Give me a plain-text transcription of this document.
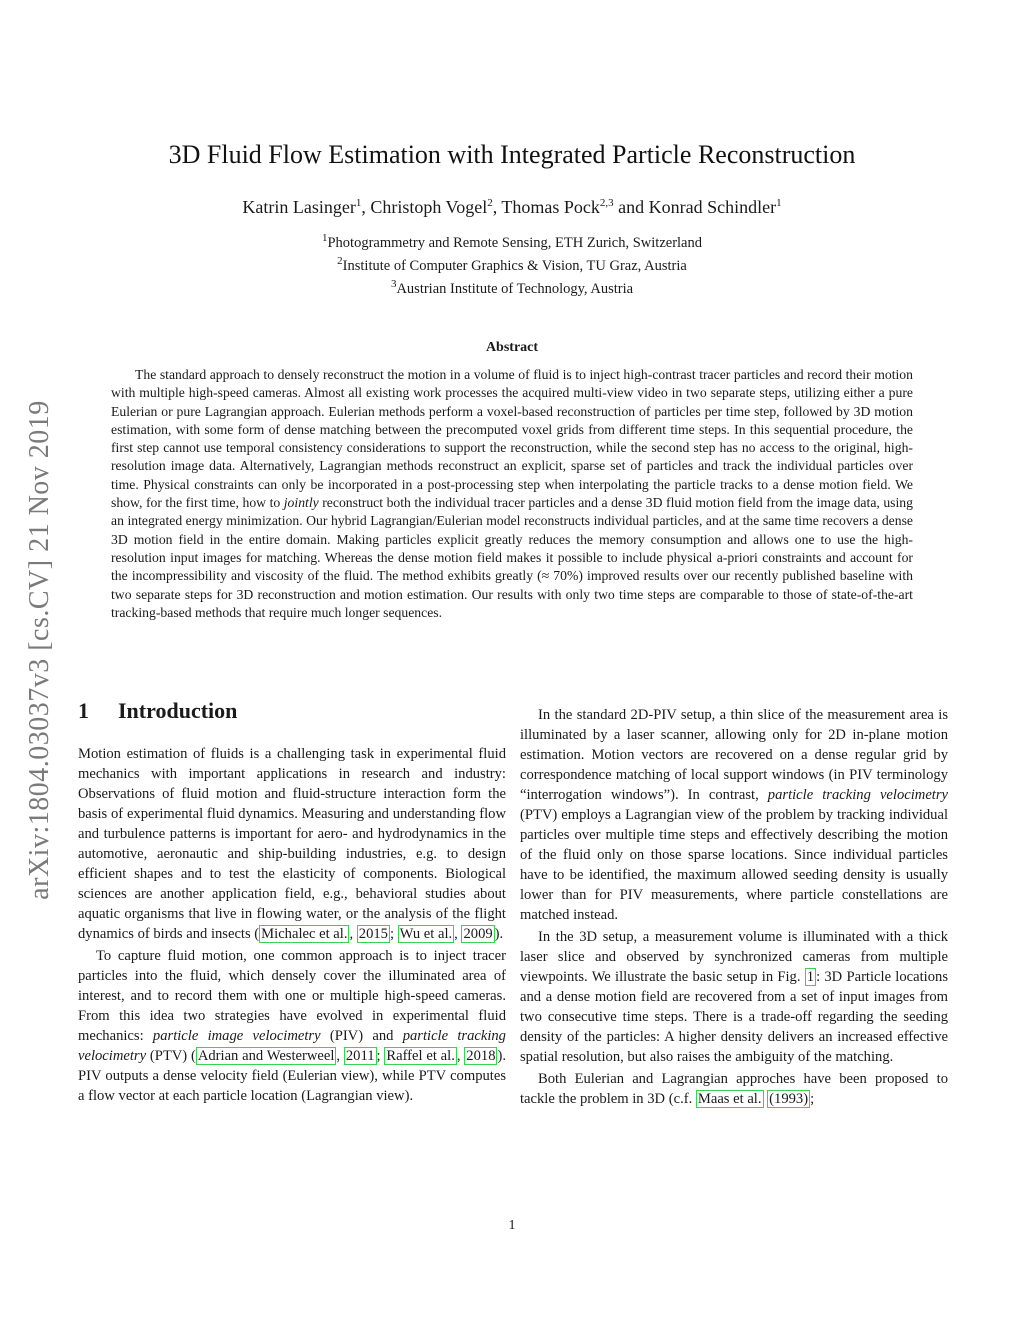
arXiv:1804.03037v3 [cs.CV] 21 Nov 2019
3D Fluid Flow Estimation with Integrated Particle Reconstruction
Katrin Lasinger$^1$, Christoph Vogel$^2$, Thomas Pock$^{2,3}$ and Konrad Schindler$^1$
$^1$Photogrammetry and Remote Sensing, ETH Zurich, Switzerland
$^2$Institute of Computer Graphics & Vision, TU Graz, Austria
$^3$Austrian Institute of Technology, Austria
Abstract

The standard approach to densely reconstruct the motion in a volume of fluid is to inject high-contrast tracer particles and record their motion with multiple high-speed cameras. Almost all existing work processes the acquired multi-view video in two separate steps, utilizing either a pure Eulerian or pure Lagrangian approach. Eulerian methods perform a voxel-based reconstruction of particles per time step, followed by 3D motion estimation, with some form of dense matching between the precomputed voxel grids from different time steps. In this sequential procedure, the first step cannot use temporal consistency considerations to support the reconstruction, while the second step has no access to the original, high-resolution image data. Alternatively, Lagrangian methods reconstruct an explicit, sparse set of particles and track the individual particles over time. Physical constraints can only be incorporated in a post-processing step when interpolating the particle tracks to a dense motion field. We show, for the first time, how to jointly reconstruct both the individual tracer particles and a dense 3D fluid motion field from the image data, using an integrated energy minimization. Our hybrid Lagrangian/Eulerian model reconstructs individual particles, and at the same time recovers a dense 3D motion field in the entire domain. Making particles explicit greatly reduces the memory consumption and allows one to use the high-resolution input images for matching. Whereas the dense motion field makes it possible to include physical a-priori constraints and account for the incompressibility and viscosity of the fluid. The method exhibits greatly (≈ 70%) improved results over our recently published baseline with two separate steps for 3D reconstruction and motion estimation. Our results with only two time steps are comparable to those of state-of-the-art tracking-based methods that require much longer sequences.

1 Introduction

Motion estimation of fluids is a challenging task in experimental fluid mechanics with important applications in research and industry: Observations of fluid motion and fluid-structure interaction form the basis of experimental fluid dynamics. Measuring and understanding flow and turbulence patterns is important for aero- and hydrodynamics in the automotive, aeronautic and ship-building industries, e.g. to design efficient shapes and to test the elasticity of components. Biological sciences are another application field, e.g., behavioral studies about aquatic organisms that live in flowing water, or the analysis of the flight dynamics of birds and insects ( Michalec et al. , 2015 ; Wu et al. , 2009 ).

To capture fluid motion, one common approach is to inject tracer particles into the fluid, which densely cover the illuminated area of interest, and to record them with one or multiple high-speed cameras. From this idea two strategies have evolved in experimental fluid mechanics: particle image velocimetry (PIV) and particle tracking velocimetry (PTV) ( Adrian and Westerweel , 2011 ; Raffel et al. , 2018 ). PIV outputs a dense velocity field (Eulerian view), while PTV computes a flow vector at each particle location (Lagrangian view).

In the standard 2D-PIV setup, a thin slice of the measurement area is illuminated by a laser scanner, allowing only for 2D in-plane motion estimation. Motion vectors are recovered on a dense regular grid by correspondence matching of local support windows (in PIV terminology “interrogation windows”). In contrast, particle tracking velocimetry (PTV) employs a Lagrangian view of the problem by tracking individual particles over multiple time steps and effectively describing the motion of the fluid only on those sparse locations. Since individual particles have to be identified, the maximum allowed seeding density is usually lower than for PIV measurements, where particle constellations are matched instead.

In the 3D setup, a measurement volume is illuminated with a thick laser slice and observed by synchronized cameras from multiple viewpoints. We illustrate the basic setup in Fig. 1 : 3D Particle locations and a dense motion field are recovered from a set of input images from two consecutive time steps. There is a trade-off regarding the seeding density of the particles: A higher density delivers an increased effective spatial resolution, but also raises the ambiguity of the matching.

Both Eulerian and Lagrangian approches have been proposed to tackle the problem in 3D (c.f. Maas et al. (1993) ;

1
